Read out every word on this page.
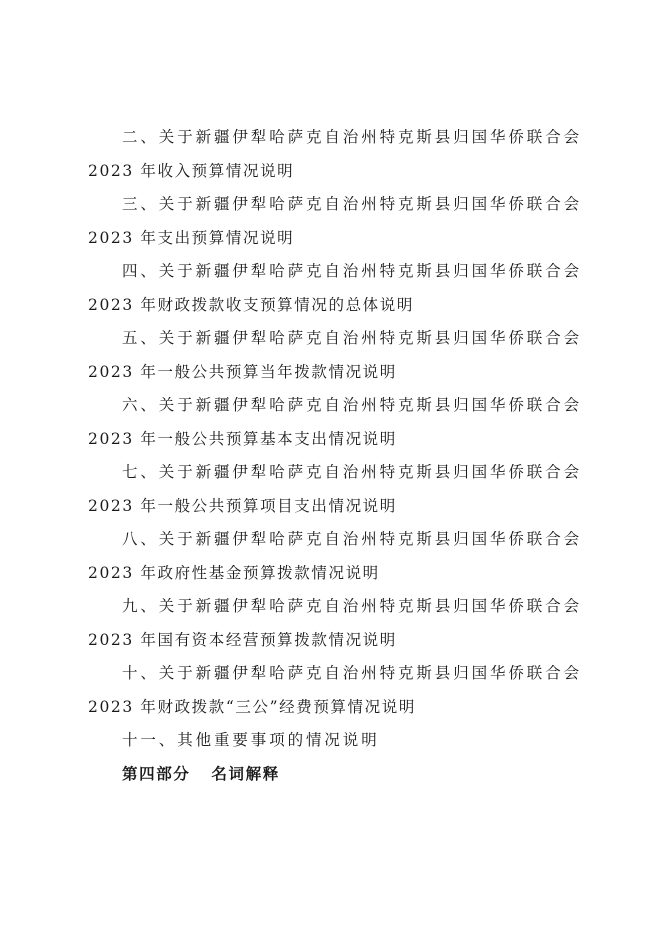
二、关于新疆伊犁哈萨克自治州特克斯县归国华侨联合会
2023 年收入预算情况说明
三、关于新疆伊犁哈萨克自治州特克斯县归国华侨联合会
2023 年支出预算情况说明
四、关于新疆伊犁哈萨克自治州特克斯县归国华侨联合会
2023 年财政拨款收支预算情况的总体说明
五、关于新疆伊犁哈萨克自治州特克斯县归国华侨联合会
2023 年一般公共预算当年拨款情况说明
六、关于新疆伊犁哈萨克自治州特克斯县归国华侨联合会
2023 年一般公共预算基本支出情况说明
七、关于新疆伊犁哈萨克自治州特克斯县归国华侨联合会
2023 年一般公共预算项目支出情况说明
八、关于新疆伊犁哈萨克自治州特克斯县归国华侨联合会
2023 年政府性基金预算拨款情况说明
九、关于新疆伊犁哈萨克自治州特克斯县归国华侨联合会
2023 年国有资本经营预算拨款情况说明
十、关于新疆伊犁哈萨克自治州特克斯县归国华侨联合会
2023 年财政拨款“三公”经费预算情况说明
十一、其他重要事项的情况说明
第四部分   名词解释
